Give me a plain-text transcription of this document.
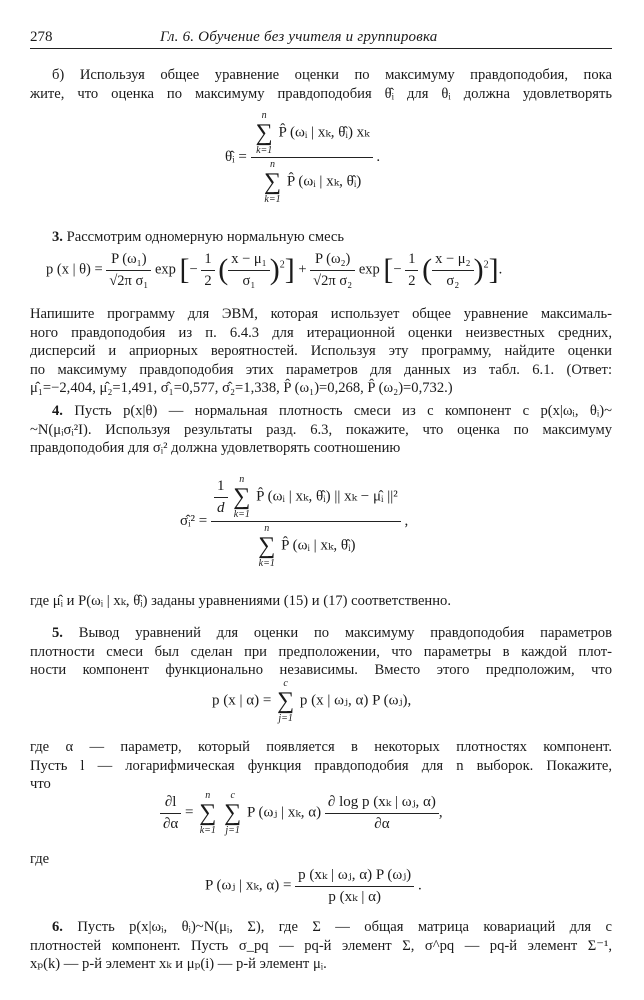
278	Гл. 6. Обучение без учителя и группировка
б) Используя общее уравнение оценки по максимуму правдоподобия, пока
жите, что оценка по максимуму правдоподобия θ̂ᵢ для θᵢ должна удовлетворять
θ̂ᵢ = n
∑
k=1
P̂ (ωᵢ | xₖ, θ̂ᵢ) xₖ
n
∑
k=1
P̂ (ωᵢ | xₖ, θ̂ᵢ) .
3. Рассмотрим одномерную нормальную смесь
p (x | $\theta) = \frac{\text{P (ω₁)}}{\text{√2π σ₁}}$ exp [− $\frac{1}{2}$ ( $\frac{\text{x − μ₁}}{\text{σ₁}} )^2] + \frac{\text{P (ω₂)}}{\text{√2π σ₂}}$ exp [− $\frac{1}{2}$ ( $\frac{\text{x − μ₂}}{\text{σ₂}} )^2$].
Напишите программу для ЭВМ, которая использует общее уравнение максималь-
ного правдоподобия из п. 6.4.3 для итерационной оценки неизвестных средних,
дисперсий и априорных вероятностей. Используя эту программу, найдите оценки
по максимуму правдоподобия этих параметров для данных из табл. 6.1. (Ответ:
μ̂₁=−2,404, μ̂₂=1,491, σ̂₁=0,577, σ̂₂=1,338, P̂ (ω₁)=0,268, P̂ (ω₂)=0,732.)
4. Пусть p(x|θ) — нормальная плотность смеси из c компонент с p(x|ωᵢ, θᵢ)~
~N(μᵢσᵢ²I). Используя результаты разд. 6.3, покажите, что оценка по максимуму
правдоподобия для σᵢ² должна удовлетворять соотношению
σ̂ᵢ² = $\frac{1}{d}$
	n
∑
k=1
P̂ (ωᵢ | xₖ, θ̂ᵢ) || xₖ − μ̂ᵢ ||²
n
∑
k=1
P̂ (ωᵢ | xₖ, θ̂ᵢ) ,
где μ̂ᵢ и P(ωᵢ | xₖ, θ̂ᵢ) заданы уравнениями (15) и (17) соответственно.
5. Вывод уравнений для оценки по максимуму правдоподобия параметров
плотности смеси был сделан при предположении, что параметры в каждой плот-
ности компонент функционально независимы. Вместо этого предположим, что
p (x | α) =
c
∑
j=1
p (x | ωⱼ, α) P (ωⱼ),
где α — параметр, который появляется в некоторых плотностях компонент.
Пусть l — логарифмическая функция правдоподобия для n выборок. Покажите,
что
$\frac{\partial l}{\partial\alpha}$ =
n
∑
k=1

c
∑
j=1
P (ωⱼ | xₖ, $\alpha) \frac{\text{∂ log p (xₖ | ωⱼ, α)}}{\partial\alpha}$ ,
где
P (ωⱼ | xₖ, $\alpha) = \frac{\text{p (xₖ | ωⱼ, α) P (ωⱼ)}}{\text{p (xₖ | α)}}$ .
6. Пусть p(x|ωᵢ, θᵢ)~N(μᵢ, Σ), где Σ — общая матрица ковариаций для c
плотностей компонент. Пусть σ_pq — pq-й элемент Σ, σ^pq — pq-й элемент Σ⁻¹,
xₚ(k) — p-й элемент xₖ и μₚ(i) — p-й элемент μᵢ.
